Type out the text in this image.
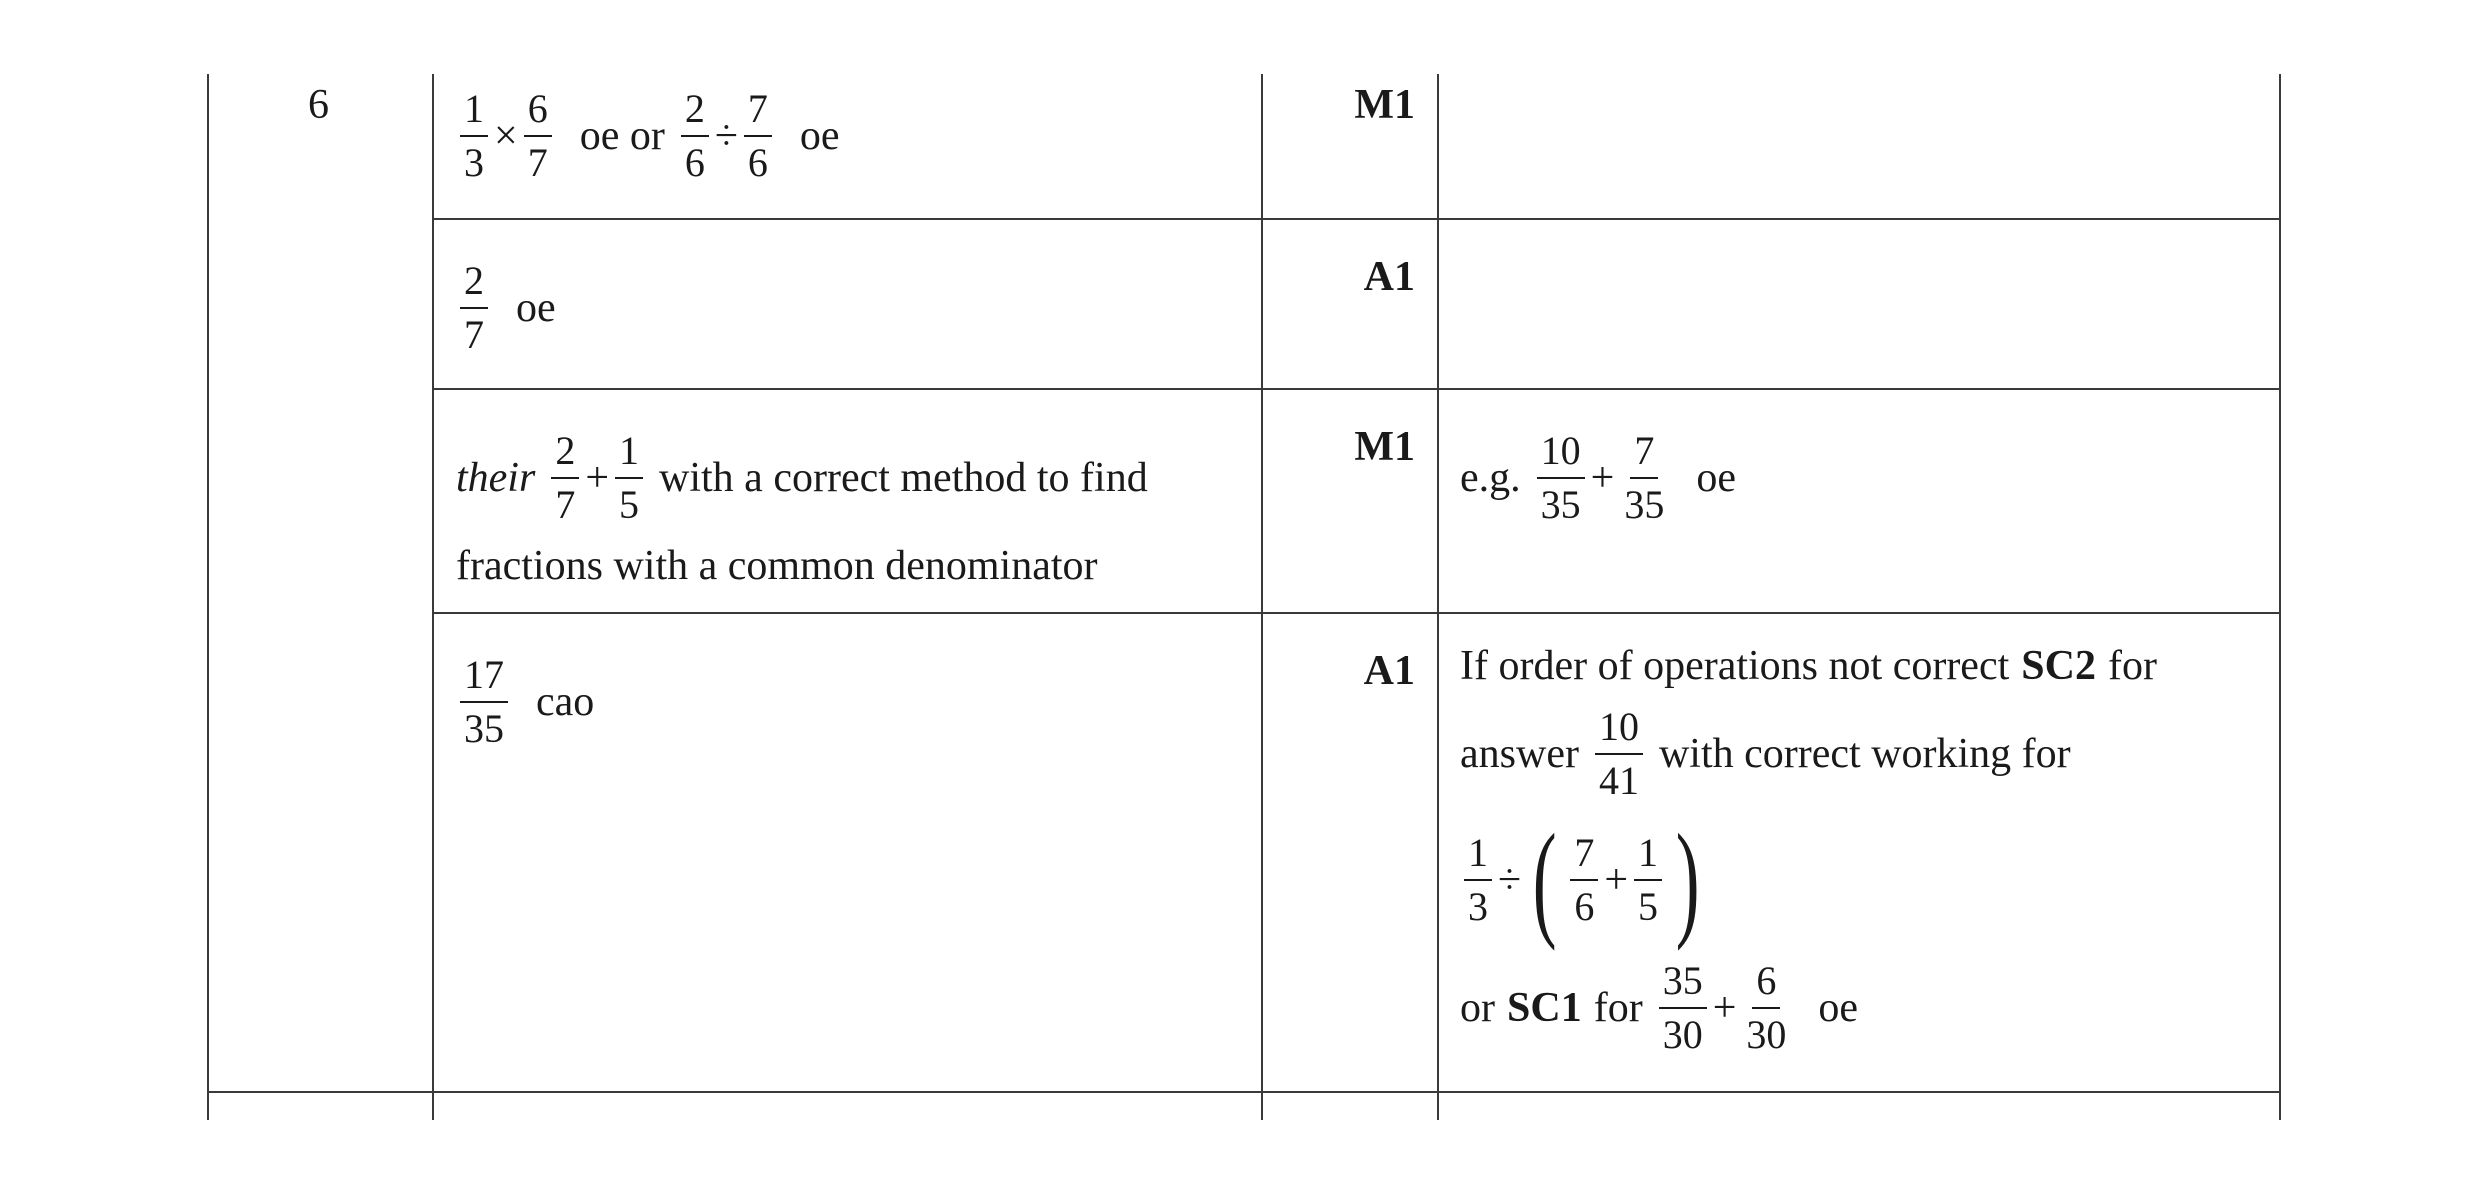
6	$\frac{1}{3} \times \frac{6}{7}$ oe or $\frac{2}{6} \div \frac{7}{6}$ oe
M1
$\frac{2}{7}$ oe
A1
their $\frac{2}{7} + \frac{1}{5}$ with a correct method to find
fractions with a common denominator
M1
e.g. $\frac{10}{35} + \frac{7}{35}$ oe
$\frac{17}{35}$ cao
A1 If order of operations not correct SC2 for
answer $\frac{10}{41}$ with correct working for
$\frac{1}{3}$ ÷ ( $\frac{7}{6} + \frac{1}{5}$ )
or SC1 for $\frac{35}{30} + \frac{6}{30}$ oe
